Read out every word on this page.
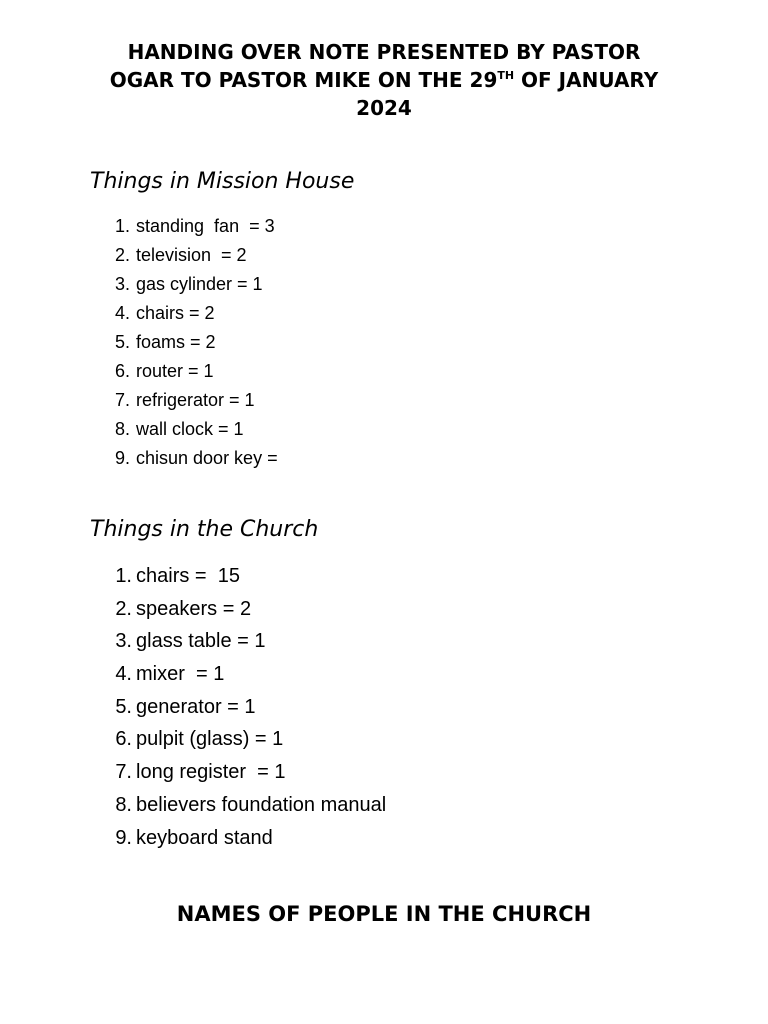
HANDING OVER NOTE PRESENTED BY PASTOR
OGAR TO PASTOR MIKE ON THE 29TH OF JANUARY
2024
Things in Mission House
1. standing  fan  = 3
2. television  = 2
3. gas cylinder = 1
4. chairs = 2
5. foams = 2
6. router = 1
7. refrigerator = 1
8. wall clock = 1
9. chisun door key =
Things in the Church
1. chairs =  15
2. speakers = 2
3. glass table = 1
4. mixer  = 1
5. generator = 1
6. pulpit (glass) = 1
7. long register  = 1
8. believers foundation manual
9. keyboard stand
NAMES OF PEOPLE IN THE CHURCH
